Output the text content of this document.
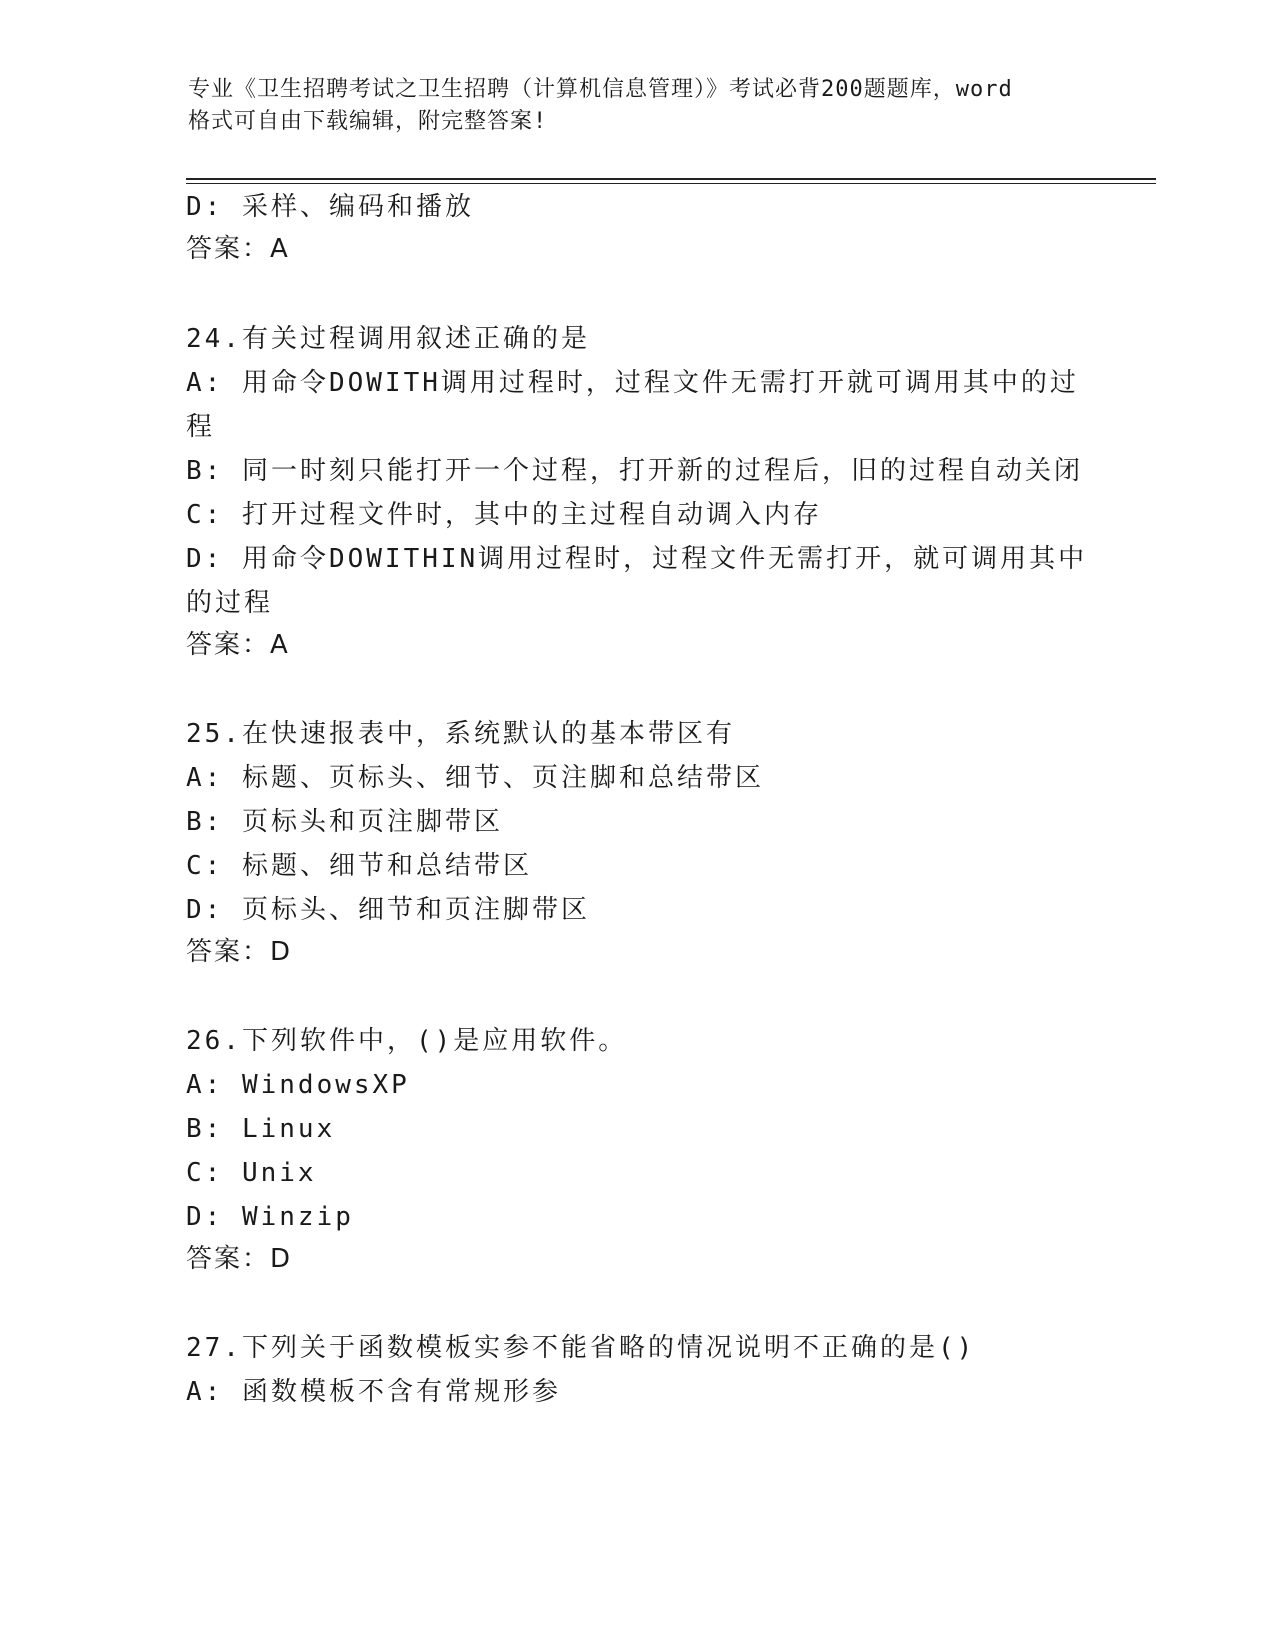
专业《卫生招聘考试之卫生招聘（计算机信息管理）》考试必背200题题库，word
格式可自由下载编辑，附完整答案!
D: 采样、编码和播放
答案：A
24.有关过程调用叙述正确的是
A: 用命令DOWITH调用过程时，过程文件无需打开就可调用其中的过
程
B: 同一时刻只能打开一个过程，打开新的过程后，旧的过程自动关闭
C: 打开过程文件时，其中的主过程自动调入内存
D: 用命令DOWITHIN调用过程时，过程文件无需打开，就可调用其中
的过程
答案：A
25.在快速报表中，系统默认的基本带区有
A: 标题、页标头、细节、页注脚和总结带区
B: 页标头和页注脚带区
C: 标题、细节和总结带区
D: 页标头、细节和页注脚带区
答案：D
26.下列软件中，()是应用软件。
A: WindowsXP
B: Linux
C: Unix
D: Winzip
答案：D
27.下列关于函数模板实参不能省略的情况说明不正确的是()
A: 函数模板不含有常规形参
